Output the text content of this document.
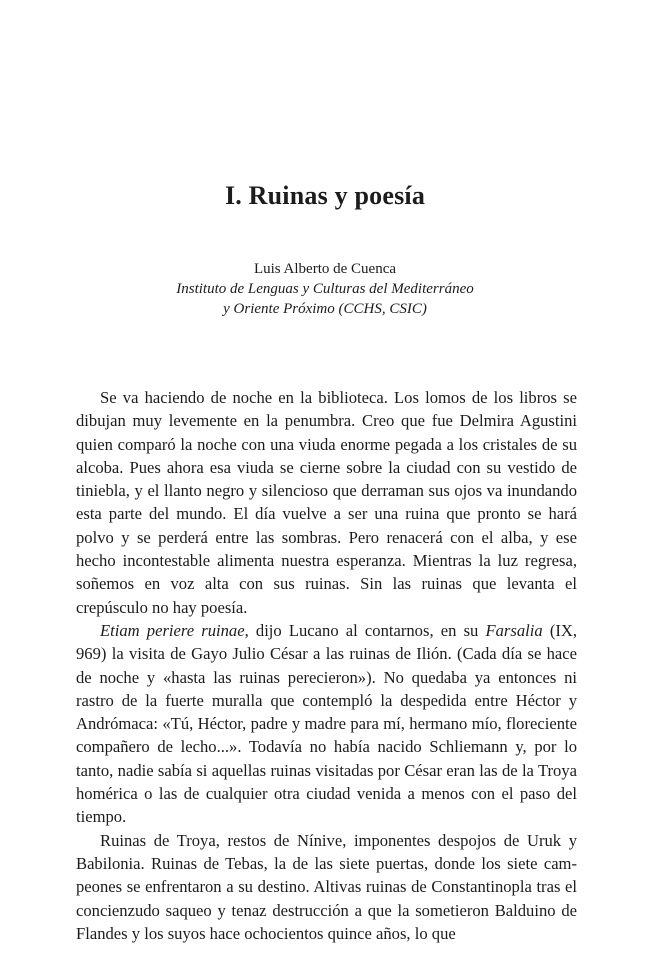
I. Ruinas y poesía
Luis Alberto de Cuenca
Instituto de Lenguas y Culturas del Mediterráneo
y Oriente Próximo (CCHS, CSIC)

Se va haciendo de noche en la biblioteca. Los lomos de los libros se dibujan muy levemente en la penumbra. Creo que fue Delmira Agustini quien comparó la noche con una viuda enorme pegada a los cristales de su alcoba. Pues ahora esa viuda se cierne sobre la ciudad con su vestido de tiniebla, y el llanto negro y silencioso que derraman sus ojos va inundando esta parte del mundo. El día vuelve a ser una ruina que pronto se hará polvo y se perderá entre las sombras. Pero renacerá con el alba, y ese hecho incontestable alimenta nuestra esperanza. Mientras la luz regresa, soñemos en voz alta con sus ruinas. Sin las ruinas que levanta el crepúsculo no hay poesía.

Etiam periere ruinae, dijo Lucano al contarnos, en su Farsalia (IX, 969) la visita de Gayo Julio César a las ruinas de Ilión. (Cada día se hace de noche y «hasta las ruinas perecieron»). No quedaba ya entonces ni rastro de la fuerte muralla que contempló la despedida entre Héctor y Andrómaca: «Tú, Héctor, padre y madre para mí, hermano mío, floreciente compañero de lecho...». Todavía no había nacido Schliemann y, por lo tanto, nadie sabía si aquellas ruinas visitadas por César eran las de la Troya homérica o las de cualquier otra ciudad venida a menos con el paso del tiempo.

Ruinas de Troya, restos de Nínive, imponentes despojos de Uruk y Babilonia. Ruinas de Tebas, la de las siete puertas, donde los siete campeones se enfrentaron a su destino. Altivas ruinas de Constantinopla tras el concienzudo saqueo y tenaz destrucción a que la sometieron Balduino de Flandes y los suyos hace ochocientos quince años, lo que
